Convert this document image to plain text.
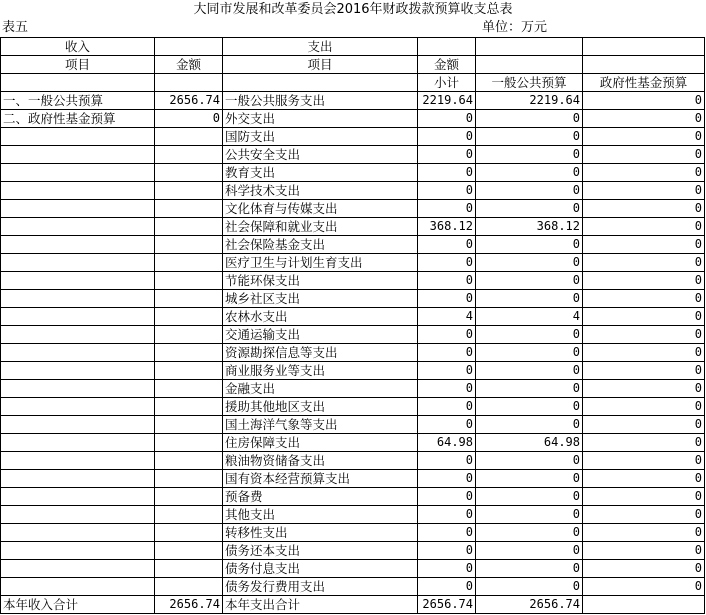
大同市发展和改革委员会2016年财政拨款预算收支总表
表五	单位：万元
收入		支出			
项目	金额	项目	金额		
			小计	一般公共预算	政府性基金预算
一、一般公共预算	2656.74	一般公共服务支出	2219.64	2219.64	0
二、政府性基金预算	0	外交支出	0	0	0
		国防支出	0	0	0
		公共安全支出	0	0	0
		教育支出	0	0	0
		科学技术支出	0	0	0
		文化体育与传媒支出	0	0	0
		社会保障和就业支出	368.12	368.12	0
		社会保险基金支出	0	0	0
		医疗卫生与计划生育支出	0	0	0
		节能环保支出	0	0	0
		城乡社区支出	0	0	0
		农林水支出	4	4	0
		交通运输支出	0	0	0
		资源勘探信息等支出	0	0	0
		商业服务业等支出	0	0	0
		金融支出	0	0	0
		援助其他地区支出	0	0	0
		国土海洋气象等支出	0	0	0
		住房保障支出	64.98	64.98	0
		粮油物资储备支出	0	0	0
		国有资本经营预算支出	0	0	0
		预备费	0	0	0
		其他支出	0	0	0
		转移性支出	0	0	0
		债务还本支出	0	0	0
		债务付息支出	0	0	0
		债务发行费用支出	0	0	0
本年收入合计	2656.74	本年支出合计	2656.74	2656.74	
